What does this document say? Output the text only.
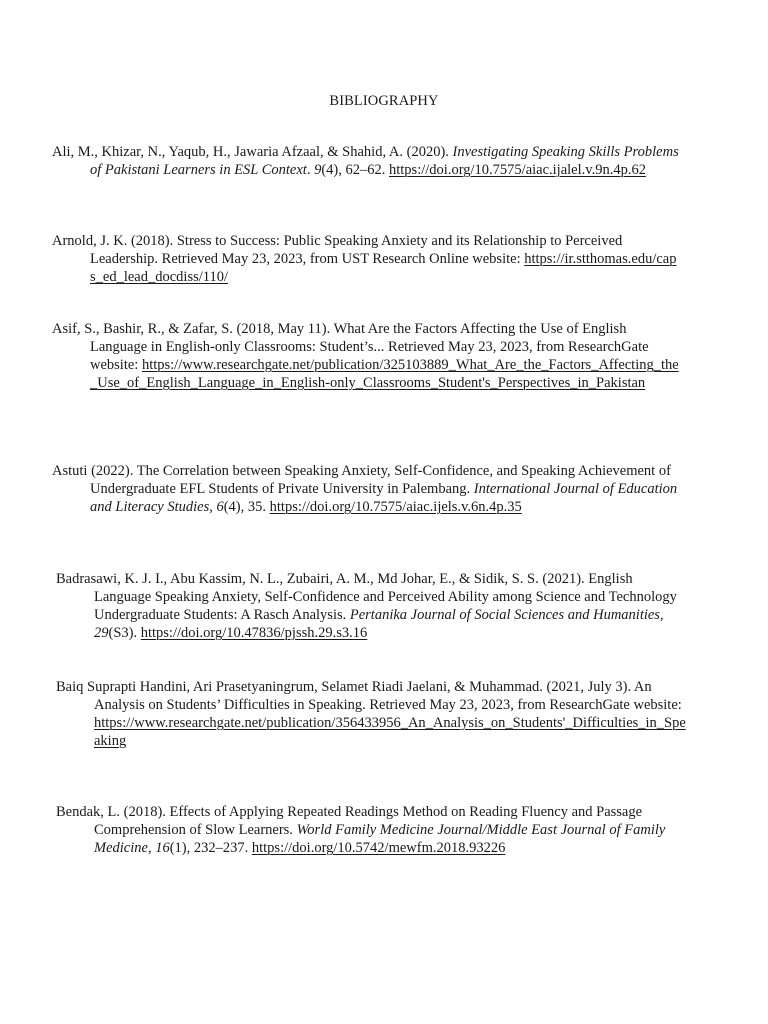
BIBLIOGRAPHY

Ali, M., Khizar, N., Yaqub, H., Jawaria Afzaal, & Shahid, A. (2020). Investigating Speaking Skills Problems of Pakistani Learners in ESL Context. 9(4), 62–62. https://doi.org/10.7575/aiac.ijalel.v.9n.4p.62

Arnold, J. K. (2018). Stress to Success: Public Speaking Anxiety and its Relationship to Perceived Leadership. Retrieved May 23, 2023, from UST Research Online website: https://ir.stthomas.edu/caps_ed_lead_docdiss/110/

Asif, S., Bashir, R., & Zafar, S. (2018, May 11). What Are the Factors Affecting the Use of English Language in English-only Classrooms: Student’s... Retrieved May 23, 2023, from ResearchGate website: https://www.researchgate.net/publication/325103889_What_Are_the_Factors_Affecting_the_Use_of_English_Language_in_English-only_Classrooms_Student's_Perspectives_in_Pakistan

Astuti (2022). The Correlation between Speaking Anxiety, Self-Confidence, and Speaking Achievement of Undergraduate EFL Students of Private University in Palembang. International Journal of Education and Literacy Studies, 6(4), 35. https://doi.org/10.7575/aiac.ijels.v.6n.4p.35

Badrasawi, K. J. I., Abu Kassim, N. L., Zubairi, A. M., Md Johar, E., & Sidik, S. S. (2021). English Language Speaking Anxiety, Self-Confidence and Perceived Ability among Science and Technology Undergraduate Students: A Rasch Analysis. Pertanika Journal of Social Sciences and Humanities, 29(S3). https://doi.org/10.47836/pjssh.29.s3.16

Baiq Suprapti Handini, Ari Prasetyaningrum, Selamet Riadi Jaelani, & Muhammad. (2021, July 3). An Analysis on Students’ Difficulties in Speaking. Retrieved May 23, 2023, from ResearchGate website: https://www.researchgate.net/publication/356433956_An_Analysis_on_Students'_Difficulties_in_Speaking

Bendak, L. (2018). Effects of Applying Repeated Readings Method on Reading Fluency and Passage Comprehension of Slow Learners. World Family Medicine Journal/Middle East Journal of Family Medicine, 16(1), 232–237. https://doi.org/10.5742/mewfm.2018.93226
